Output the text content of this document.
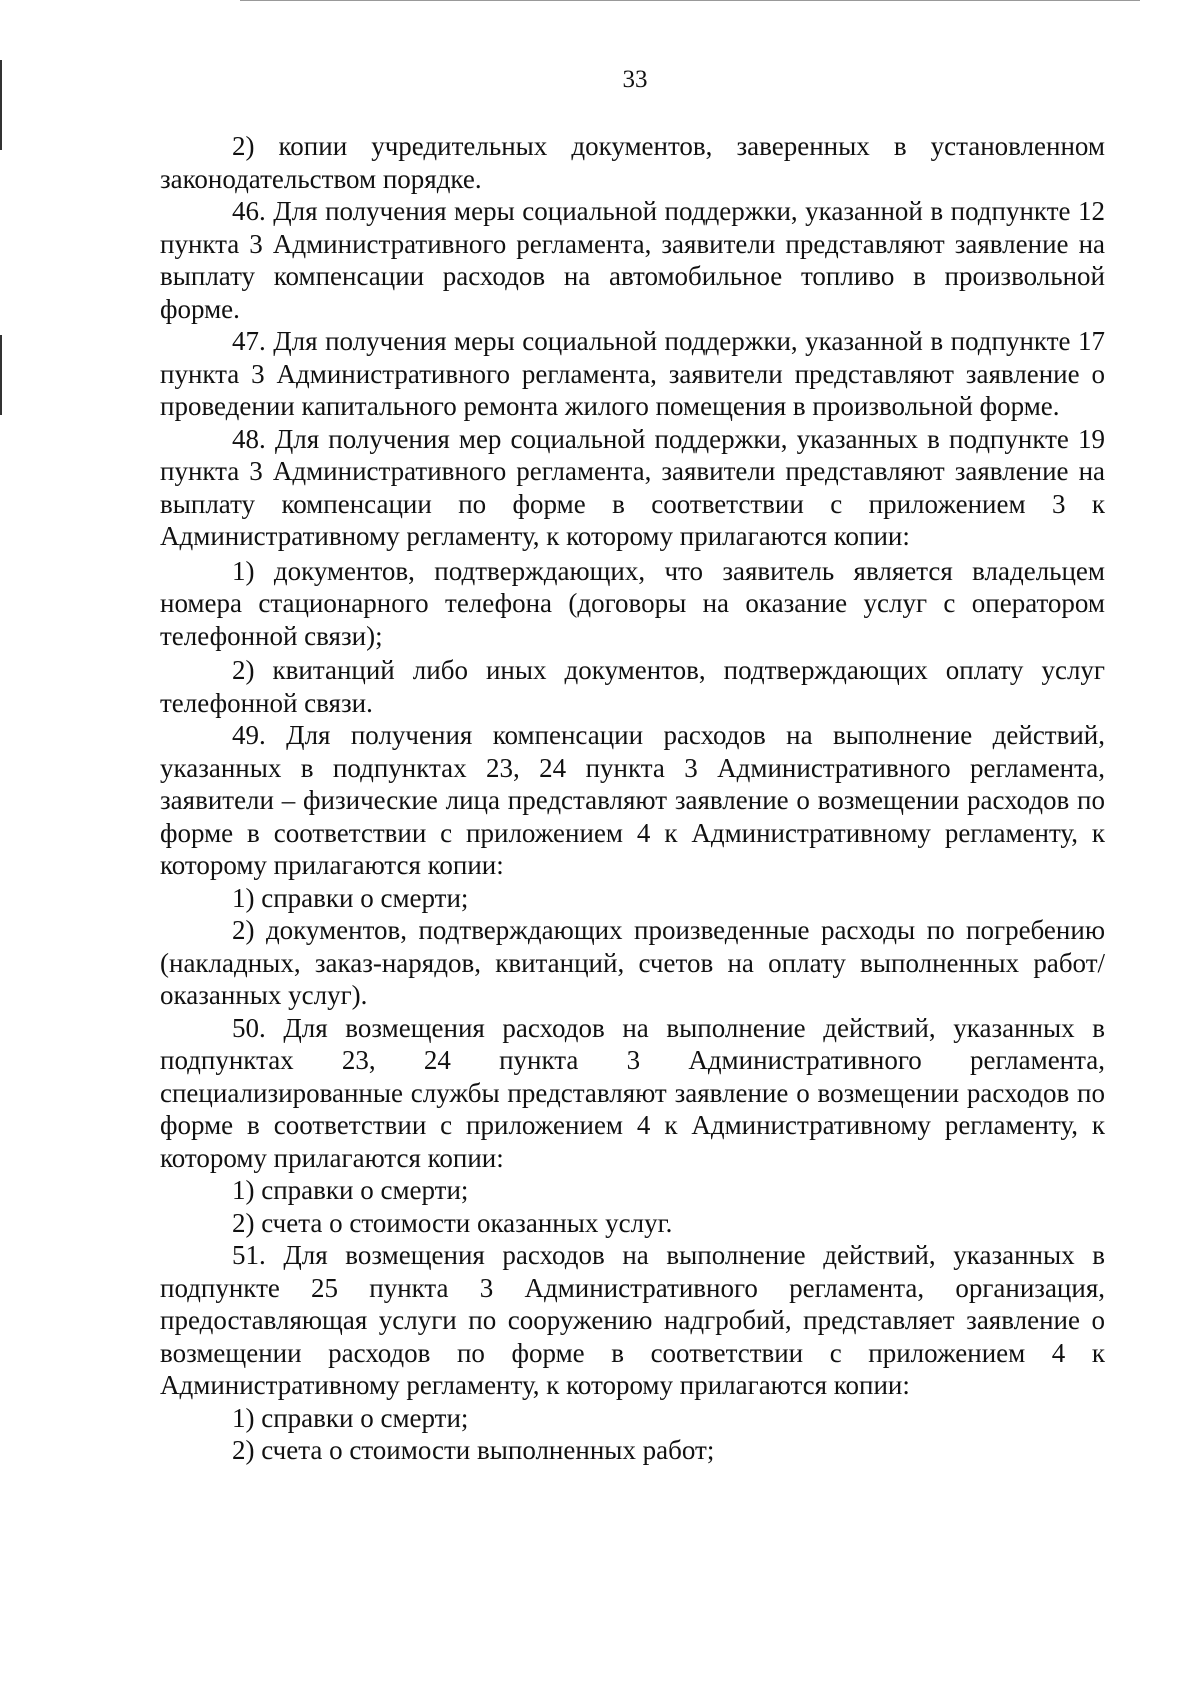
33

2) копии учредительных документов, заверенных в установленном законодательством порядке.

46. Для получения меры социальной поддержки, указанной в подпункте 12 пункта 3 Административного регламента, заявители представляют заявление на выплату компенсации расходов на автомобильное топливо в произвольной форме.

47. Для получения меры социальной поддержки, указанной в подпункте 17 пункта 3 Административного регламента, заявители представляют заявление о проведении капитального ремонта жилого помещения в произвольной форме.

48. Для получения мер социальной поддержки, указанных в подпункте 19 пункта 3 Административного регламента, заявители представляют заявление на выплату компенсации по форме в соответствии с приложением 3 к Административному регламенту, к которому прилагаются копии:

1) документов, подтверждающих, что заявитель является владельцем номера стационарного телефона (договоры на оказание услуг с оператором телефонной связи);

2) квитанций либо иных документов, подтверждающих оплату услуг телефонной связи.

49. Для получения компенсации расходов на выполнение действий, указанных в подпунктах 23, 24 пункта 3 Административного регламента, заявители – физические лица представляют заявление о возмещении расходов по форме в соответствии с приложением 4 к Административному регламенту, к которому прилагаются копии:

1) справки о смерти;

2) документов, подтверждающих произведенные расходы по погребению (накладных, заказ-нарядов, квитанций, счетов на оплату выполненных работ/оказанных услуг).

50. Для возмещения расходов на выполнение действий, указанных в подпунктах 23, 24 пункта 3 Административного регламента, специализированные службы представляют заявление о возмещении расходов по форме в соответствии с приложением 4 к Административному регламенту, к которому прилагаются копии:

1) справки о смерти;

2) счета о стоимости оказанных услуг.

51. Для возмещения расходов на выполнение действий, указанных в подпункте 25 пункта 3 Административного регламента, организация, предоставляющая услуги по сооружению надгробий, представляет заявление о возмещении расходов по форме в соответствии с приложением 4 к Административному регламенту, к которому прилагаются копии:

1) справки о смерти;

2) счета о стоимости выполненных работ;
